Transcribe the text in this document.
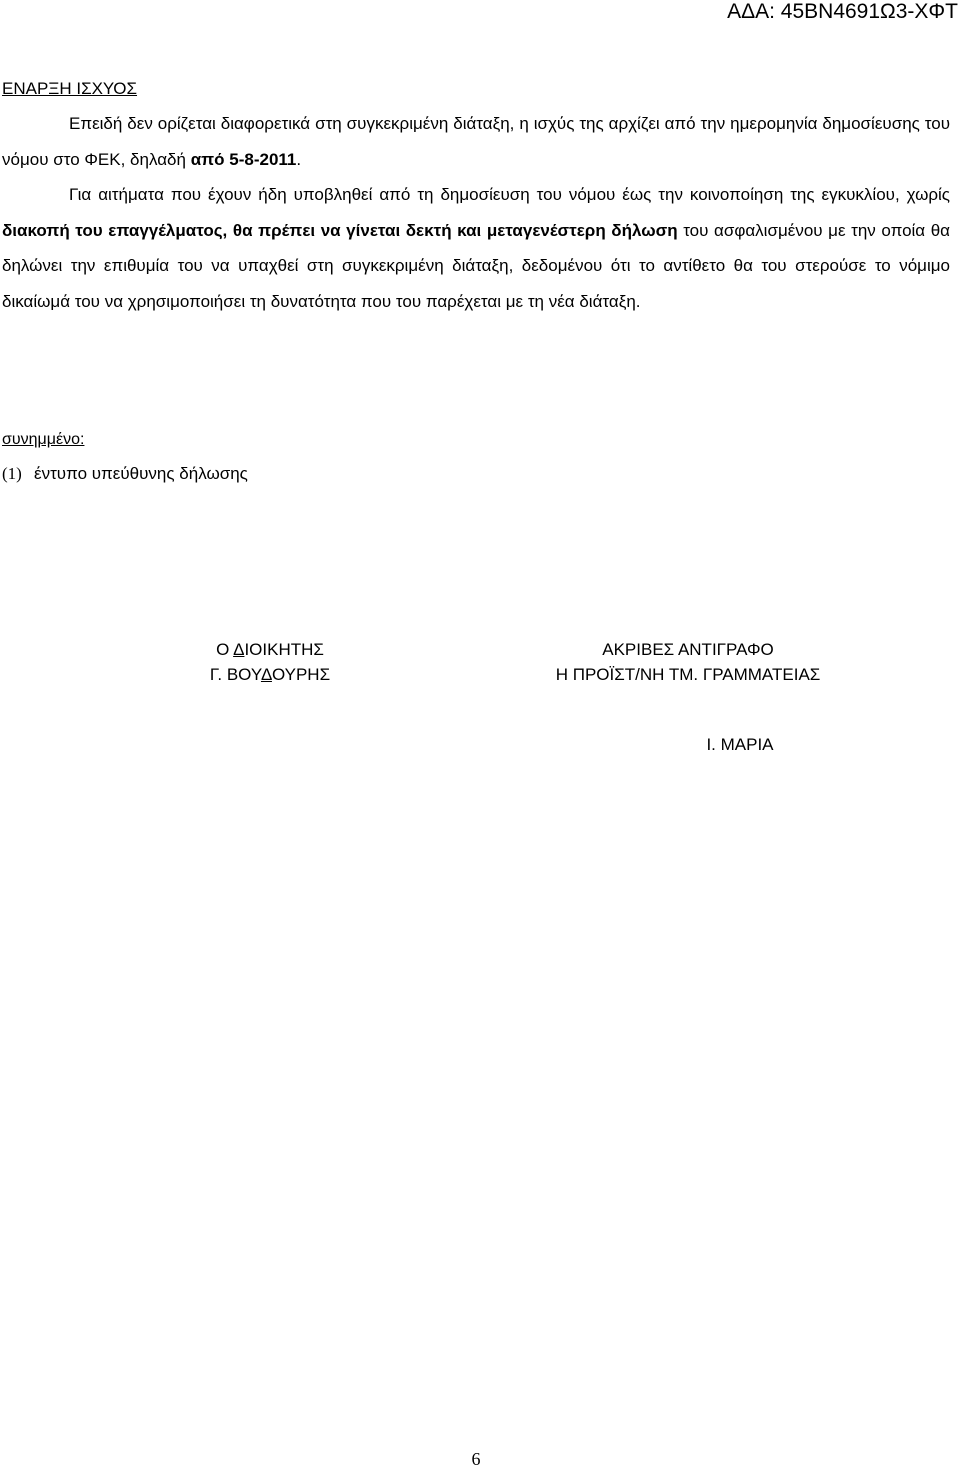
ΑΔΑ: 45ΒΝ4691Ω3-ΧΦΤ
ΕΝΑΡΞΗ ΙΣΧΥΟΣ

Επειδή δεν ορίζεται διαφορετικά στη συγκεκριμένη διάταξη, η ισχύς της αρχίζει από την ημερομηνία δημοσίευσης του νόμου στο ΦΕΚ, δηλαδή από 5-8-2011.

Για αιτήματα που έχουν ήδη υποβληθεί από τη δημοσίευση του νόμου έως την κοινοποίηση της εγκυκλίου, χωρίς διακοπή του επαγγέλματος, θα πρέπει να γίνεται δεκτή και μεταγενέστερη δήλωση του ασφαλισμένου με την οποία θα δηλώνει την επιθυμία του να υπαχθεί στη συγκεκριμένη διάταξη, δεδομένου ότι το αντίθετο θα του στερούσε το νόμιμο δικαίωμά του να χρησιμοποιήσει τη δυνατότητα που του παρέχεται με τη νέα διάταξη.

συνημμένο:
(1) έντυπο υπεύθυνης δήλωσης
Ο ΔΙΟΙΚΗΤΗΣ
Γ. ΒΟΥΔΟΥΡΗΣ
ΑΚΡΙΒΕΣ ΑΝΤΙΓΡΑΦΟ
Η ΠΡΟΪΣΤ/ΝΗ ΤΜ. ΓΡΑΜΜΑΤΕΙΑΣ
Ι. ΜΑΡΙΑ
6
